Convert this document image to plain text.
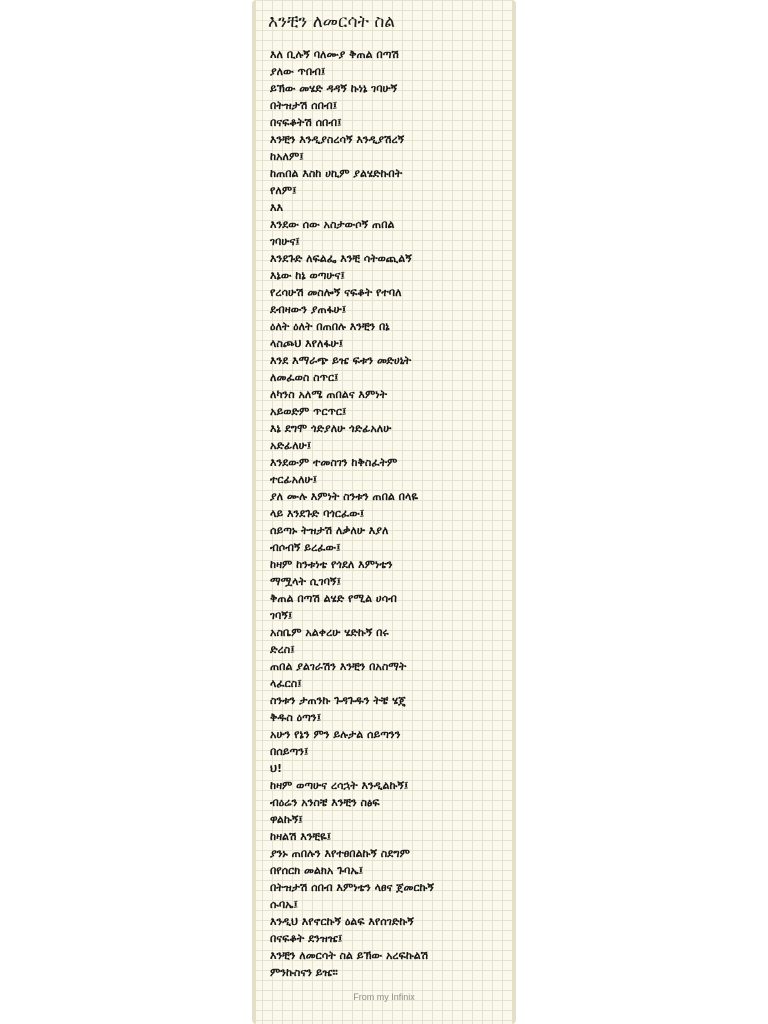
እንቺን ለመርሳት ስል
እለ ቢሉኝ ባለሙያ ቅጠል በጣሽ
ያለው ጥበብ፤
ይኽው መሄድ ዳዳኝ ኩነኔ ገባሁኝ
በትዝታሽ ሰበብ፤
በናፍቆትሽ ሰበብ፤
እንቺን እንዲያስረሳኝ እንዲያሽረኝ
ከአለም፤
ከጠበል እስከ ሀኪም ያልሄድኩበት
የለም፤
እእ
እንደው ሰው አስታውሶኝ ጠበል
ገባሁና፤
እንደጉድ ለፍልፌ እንቺ ሳትወጪልኝ
እኔው ከኔ ወጣሁና፤
የረሳሁሽ መስሎኝ ናፍቆት የተባለ
ደብዛውን ያጠፋሁ፤
ዕለት ዕለት በጠበሉ እንቺን በኔ
ላስጮህ እየለፋሁ፤
እንደ እማራጭ ይዤ ፍቱን መድሀኒት
ለመፈወስ ስጥር፤
ለካንስ አለሜ ጠበልና እምነት
አይወድም ጥርጥር፤
እኔ ደግሞ ጎድያለሁ ጎድፊአለሁ
አድፊለሁ፤
እንደውም ተመስገን ከቅስፈትም
ተርፊአለሁ፤
ያለ ሙሉ እምነት ስንቱን ጠበል በላዬ
ላይ እንደጉድ ባጎርፈው፤
ሰይጣኑ ትዝታሽ ለቃለሁ እያለ
ብሶብኝ ይረፈው፤
ከዛም ከንቱነቴ የጎደለ እምነቴን
ማሟላት ሲገባኝ፤
ቅጠል በጣሽ ልሄድ የሚል ሀሳብ
ገባኝ፤
አስቤም አልቀረሁ ሄድኩኝ በሩ
ድረስ፤
ጠበል ያልገራሽን እንቺን በአስማት
ላፈርስ፤
ስንቱን ታጠንኩ ጉዳጉዱን ትቼ ሄጄ
ቅዱስ ዕጣን፤
አሁን የኔን ምን ይሉታል ሰይጣንን
በሰይጣን፤
ህ!
ከዛም ወጣሁና ረሳኋት እንዲልኩኝ፤
ብዕሬን አንስቼ እንቺን ስፅፍ
ዋልኩኝ፤
ከዛልሽ እንቺዬ፤
ያንኑ ጠበሉን እየተፀበልኩኝ ስደግም
በየሰርክ መልክአ ጉባኤ፤
በትዝታሽ ሰበብ እምነቴን ላፀና ጀመርኩኝ
ሱባኤ፤
እንዲህ እየኖርኩኝ ዕልፍ እየሰገድኩኝ
በናፍቆት ደንዝዤ፤
እንቺን ለመርሳት ስል ይኽው አረፍኩልሽ
ምንኩስናን ይዤ።
From my Infinix
